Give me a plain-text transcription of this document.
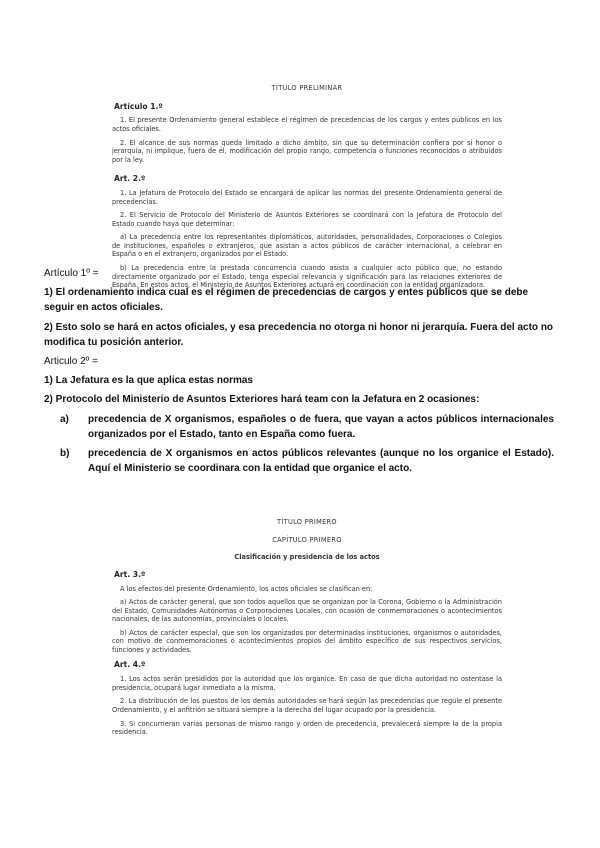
TÍTULO PRELIMINAR
Artículo 1.º

1. El presente Ordenamiento general establece el régimen de precedencias de los cargos y entes públicos en los actos oficiales.

2. El alcance de sus normas queda limitado a dicho ámbito, sin que su determinación confiera por sí honor o jerarquía, ni implique, fuera de él, modificación del propio rango, competencia o funciones reconocidos o atribuidos por la ley.

Art. 2.º

1. La Jefatura de Protocolo del Estado se encargará de aplicar las normas del presente Ordenamiento general de precedencias.

2. El Servicio de Protocolo del Ministerio de Asuntos Exteriores se coordinará con la Jefatura de Protocolo del Estado cuando haya que determinar:

a) La precedencia entre los representantes diplomáticos, autoridades, personalidades, Corporaciones o Colegios de Instituciones, españoles o extranjeros, que asistan a actos públicos de carácter internacional, a celebrar en España o en el extranjero, organizados por el Estado.

b) La precedencia entre la prestada concurrencia cuando asista a cualquier acto público que, no estando directamente organizado por el Estado, tenga especial relevancia y significación para las relaciones exteriores de España. En estos actos, el Ministerio de Asuntos Exteriores actuará en coordinación con la entidad organizadora.

Artículo 1º =

1) El ordenamiento indica cual es el régimen de precedencias de cargos y entes públicos que se debe seguir en actos oficiales.

2) Esto solo se hará en actos oficiales, y esa precedencia no otorga ni honor ni jerarquía. Fuera del acto no modifica tu posición anterior.

Articulo 2º =

1) La Jefatura es la que aplica estas normas

2) Protocolo del Ministerio de Asuntos Exteriores hará team con la Jefatura en 2 ocasiones:

a) precedencia de X organismos, españoles o de fuera, que vayan a actos públicos internacionales organizados por el Estado, tanto en España como fuera.
b) precedencia de X organismos en actos públicos relevantes (aunque no los organice el Estado). Aquí el Ministerio se coordinara con la entidad que organice el acto.
TÍTULO PRIMERO
CAPÍTULO PRIMERO
Clasificación y presidencia de los actos
Art. 3.º

A los efectos del presente Ordenamiento, los actos oficiales se clasifican en:

a) Actos de carácter general, que son todos aquellos que se organizan por la Corona, Gobierno o la Administración del Estado, Comunidades Autónomas o Corporaciones Locales, con ocasión de conmemoraciones o acontecimientos nacionales, de las autonomías, provinciales o locales.

b) Actos de carácter especial, que son los organizados por determinadas instituciones, organismos o autoridades, con motivo de conmemoraciones o acontecimientos propios del ámbito específico de sus respectivos servicios, funciones y actividades.

Art. 4.º

1. Los actos serán presididos por la autoridad que los organice. En caso de que dicha autoridad no ostentase la presidencia, ocupará lugar inmediato a la misma.

2. La distribución de los puestos de los demás autoridades se hará según las precedencias que regule el presente Ordenamiento, y el anfitrión se situará siempre a la derecha del lugar ocupado por la presidencia.

3. Si concurrieran varias personas de mismo rango y orden de precedencia, prevalecerá siempre la de la propia residencia.
